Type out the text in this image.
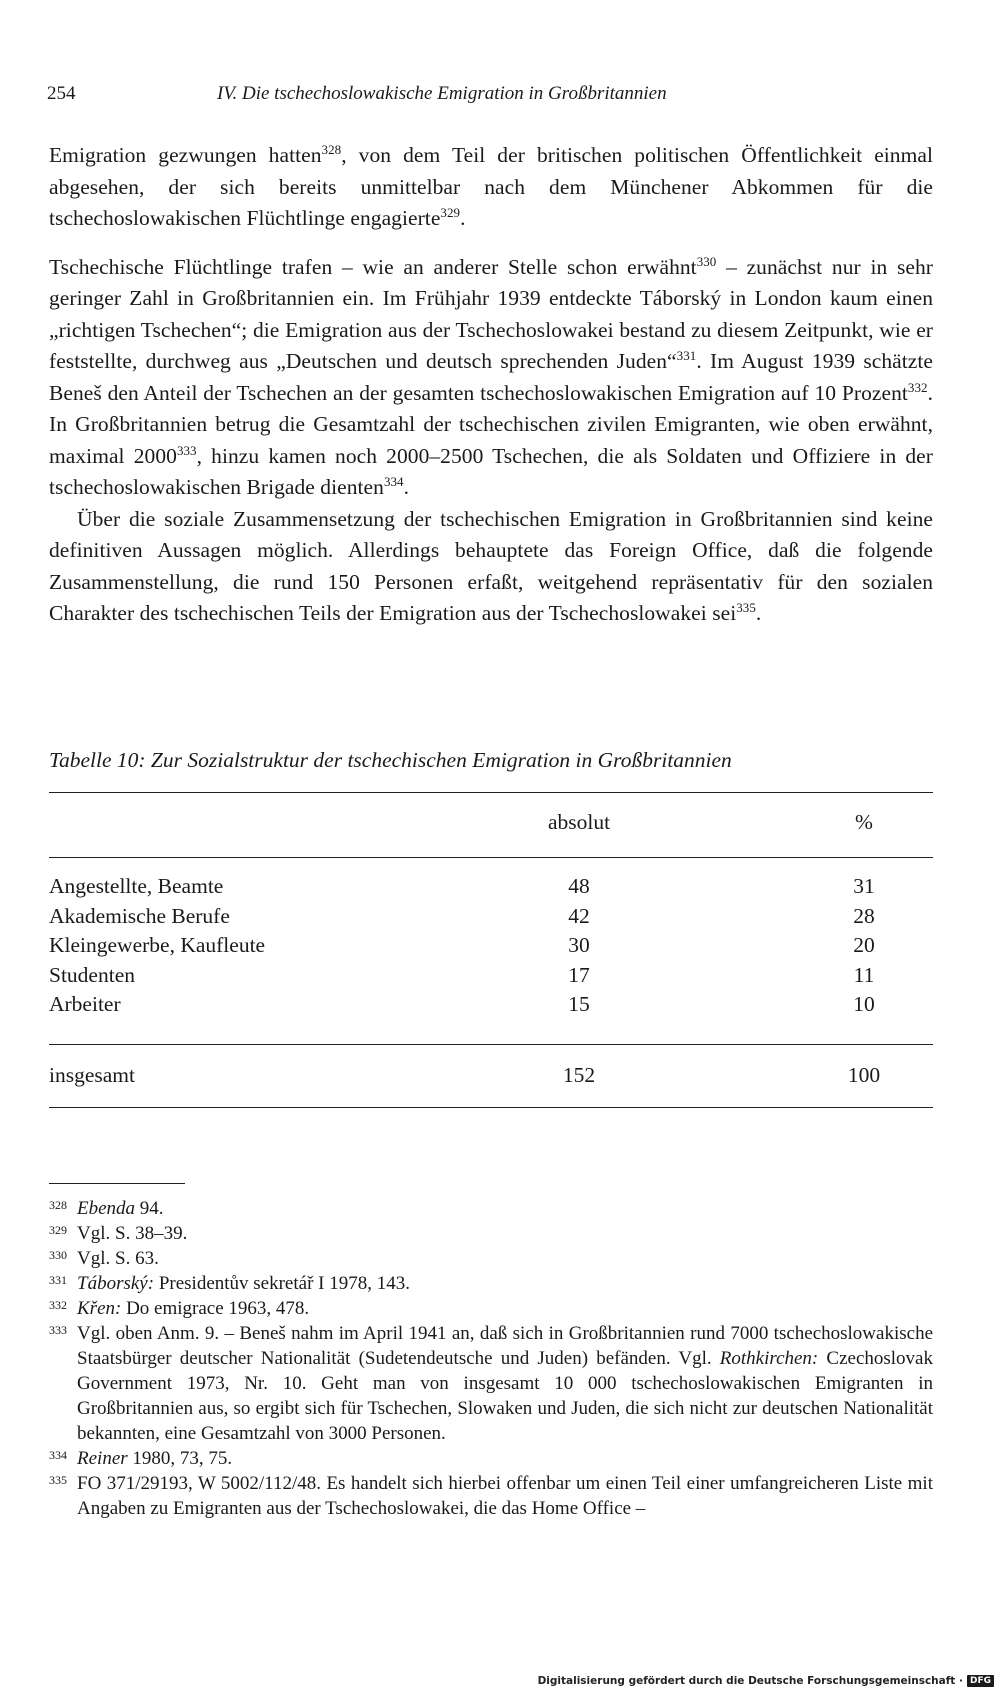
254	IV. Die tschechoslowakische Emigration in Großbritannien

Emigration gezwungen hatten$^{328}$, von dem Teil der britischen politischen Öffentlichkeit einmal abgesehen, der sich bereits unmittelbar nach dem Münchener Abkommen für die tschechoslowakischen Flüchtlinge engagierte$^{329}$.

Tschechische Flüchtlinge trafen – wie an anderer Stelle schon erwähnt$^{330}$ – zunächst nur in sehr geringer Zahl in Großbritannien ein. Im Frühjahr 1939 entdeckte Táborský in London kaum einen „richtigen Tschechen“; die Emigration aus der Tschechoslowakei bestand zu diesem Zeitpunkt, wie er feststellte, durchweg aus „Deutschen und deutsch sprechenden Juden“$^{331}$. Im August 1939 schätzte Beneš den Anteil der Tschechen an der gesamten tschechoslowakischen Emigration auf 10 Prozent$^{332}$. In Großbritannien betrug die Gesamtzahl der tschechischen zivilen Emigranten, wie oben erwähnt, maximal 2000$^{333}$, hinzu kamen noch 2000–2500 Tschechen, die als Soldaten und Offiziere in der tschechoslowakischen Brigade dienten$^{334}$.

Über die soziale Zusammensetzung der tschechischen Emigration in Großbritannien sind keine definitiven Aussagen möglich. Allerdings behauptete das Foreign Office, daß die folgende Zusammenstellung, die rund 150 Personen erfaßt, weitgehend repräsentativ für den sozialen Charakter des tschechischen Teils der Emigration aus der Tschechoslowakei sei$^{335}$.

Tabelle 10: Zur Sozialstruktur der tschechischen Emigration in Großbritannien
absolut	%
Angestellte, Beamte	48	31
Akademische Berufe	42	28
Kleingewerbe, Kaufleute	30	20
Studenten	17	11
Arbeiter	15	10
insgesamt	152	100
328 Ebenda 94.
329 Vgl. S. 38–39.
330 Vgl. S. 63.
331 Táborský: Presidentův sekretář I 1978, 143.
332 Křen: Do emigrace 1963, 478.
333 Vgl. oben Anm. 9. – Beneš nahm im April 1941 an, daß sich in Großbritannien rund 7000 tschechoslowakische Staatsbürger deutscher Nationalität (Sudetendeutsche und Juden) befänden. Vgl. Rothkirchen: Czechoslovak Government 1973, Nr. 10. Geht man von insgesamt 10 000 tschechoslowakischen Emigranten in Großbritannien aus, so ergibt sich für Tschechen, Slowaken und Juden, die sich nicht zur deutschen Nationalität bekannten, eine Gesamtzahl von 3000 Personen.
334 Reiner 1980, 73, 75.
335 FO 371/29193, W 5002/112/48. Es handelt sich hierbei offenbar um einen Teil einer umfangreicheren Liste mit Angaben zu Emigranten aus der Tschechoslowakei, die das Home Office –
Digitalisierung gefördert durch die Deutsche Forschungsgemeinschaft · DFG
